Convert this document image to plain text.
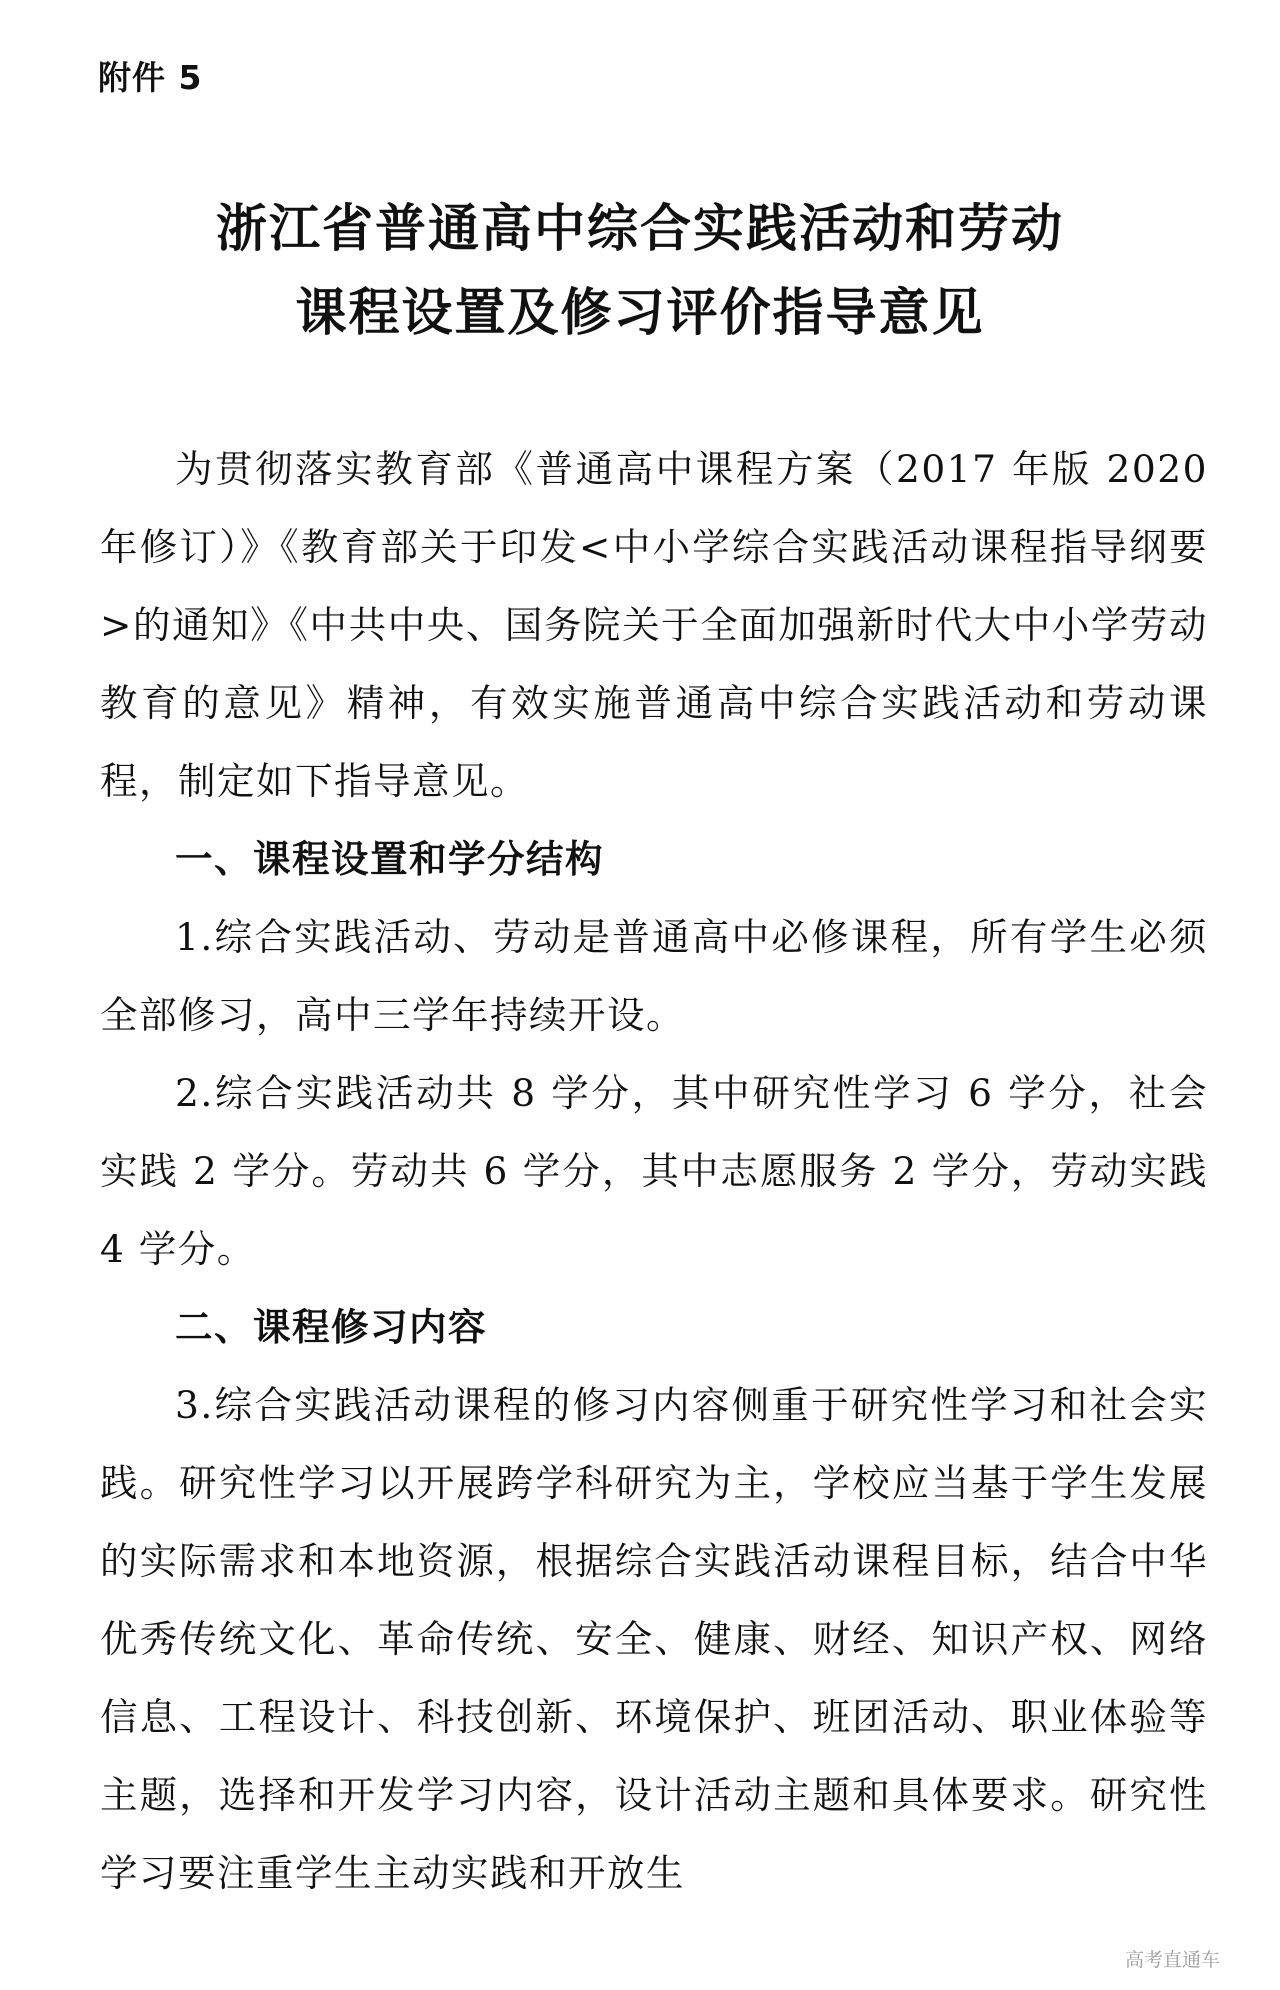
附件 5

浙江省普通高中综合实践活动和劳动
课程设置及修习评价指导意见

为贯彻落实教育部《普通高中课程方案（2017 年版 2020 年修订）》《教育部关于印发<中小学综合实践活动课程指导纲要>的通知》《中共中央、国务院关于全面加强新时代大中小学劳动教育的意见》精神，有效实施普通高中综合实践活动和劳动课程，制定如下指导意见。

一、课程设置和学分结构

1.综合实践活动、劳动是普通高中必修课程，所有学生必须全部修习，高中三学年持续开设。

2.综合实践活动共 8 学分，其中研究性学习 6 学分，社会实践 2 学分。劳动共 6 学分，其中志愿服务 2 学分，劳动实践 4 学分。

二、课程修习内容

3.综合实践活动课程的修习内容侧重于研究性学习和社会实践。研究性学习以开展跨学科研究为主，学校应当基于学生发展的实际需求和本地资源，根据综合实践活动课程目标，结合中华优秀传统文化、革命传统、安全、健康、财经、知识产权、网络信息、工程设计、科技创新、环境保护、班团活动、职业体验等主题，选择和开发学习内容，设计活动主题和具体要求。研究性学习要注重学生主动实践和开放生

高考直通车
